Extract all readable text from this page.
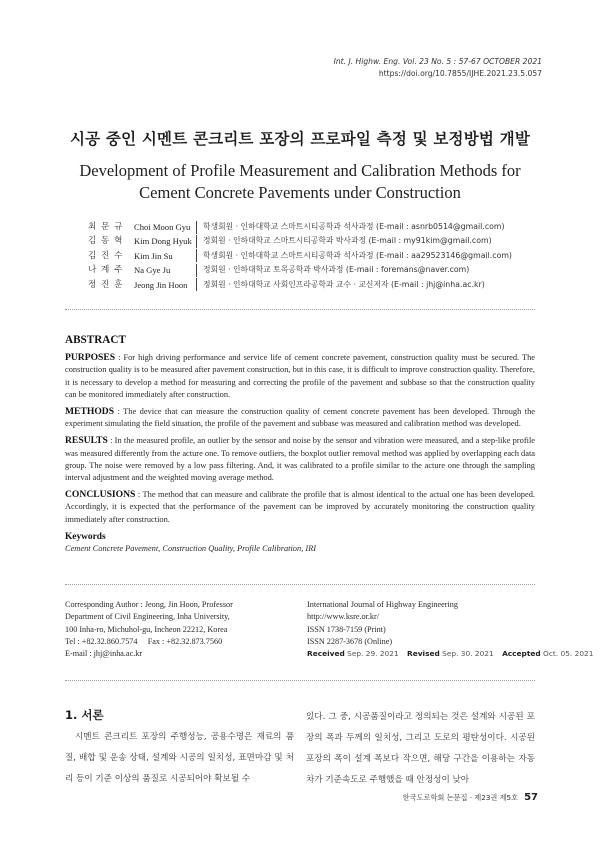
Int. J. Highw. Eng. Vol. 23 No. 5 : 57-67 OCTOBER 2021
https://doi.org/10.7855/IJHE.2021.23.5.057
시공 중인 시멘트 콘크리트 포장의 프로파일 측정 및 보정방법 개발
Development of Profile Measurement and Calibration Methods for
Cement Concrete Pavements under Construction
최 문 규	Choi Moon Gyu	학생회원 · 인하대학교 스마트시티공학과 석사과정 (E-mail : asnrb0514@gmail.com)
김 동 혁	Kim Dong Hyuk	정회원 · 인하대학교 스마트시티공학과 박사과정 (E-mail : my91kim@gmail.com)
김 진 수	Kim Jin Su	학생회원 · 인하대학교 스마트시티공학과 석사과정 (E-mail : aa29523146@gmail.com)
나 계 주	Na Gye Ju	정회원 · 인하대학교 토목공학과 박사과정 (E-mail : foremans@naver.com)
정 진 훈	Jeong Jin Hoon	정회원 · 인하대학교 사회인프라공학과 교수 · 교신저자 (E-mail : jhj@inha.ac.kr)
ABSTRACT

PURPOSES : For high driving performance and service life of cement concrete pavement, construction quality must be secured. The construction quality is to be measured after pavement construction, but in this case, it is difficult to improve construction quality. Therefore, it is necessary to develop a method for measuring and correcting the profile of the pavement and subbase so that the construction quality can be monitored immediately after construction.

METHODS : The device that can measure the construction quality of cement concrete pavement has been developed. Through the experiment simulating the field situation, the profile of the pavement and subbase was measured and calibration method was developed.

RESULTS : In the measured profile, an outlier by the sensor and noise by the sensor and vibration were measured, and a step-like profile was measured differently from the acture one. To remove outliers, the boxplot outlier removal method was applied by overlapping each data group. The noise were removed by a low pass filtering. And, it was calibrated to a profile similar to the acture one through the sampling interval adjustment and the weighted moving average method.

CONCLUSIONS : The method that can measure and calibrate the profile that is almost identical to the actual one has been developed. Accordingly, it is expected that the performance of the pavement can be improved by accurately monitoring the construction quality immediately after construction.

Keywords
Cement Concrete Pavement, Construction Quality, Profile Calibration, IRI
Corresponding Author : Jeong, Jin Hoon, Professor
Department of Civil Engineering, Inha University,
100 Inha-ro, Michuhol-gu, Incheon 22212, Korea
Tel : +82.32.860.7574     Fax : +82.32.873.7560
E-mail : jhj@inha.ac.kr
International Journal of Highway Engineering
http://www.ksre.or.kr/
ISSN 1738-7159 (Print)
ISSN 2287-3678 (Online)
Received Sep. 29. 2021 Revised Sep. 30. 2021 Accepted Oct. 05. 2021
1. 서론
시멘트 콘크리트 포장의 주행성능, 공용수명은 재료의 품질, 배합 및 운송 상태, 설계와 시공의 일치성, 표면마감 및 처리 등이 기준 이상의 품질로 시공되어야 확보될 수
있다. 그 중, 시공품질이라고 정의되는 것은 설계와 시공된 포장의 폭과 두께의 일치성, 그리고 도로의 평탄성이다. 시공된 포장의 폭이 설계 폭보다 작으면, 해당 구간을 이용하는 자동차가 기준속도로 주행했을 때 안정성이 낮아
한국도로학회 논문집 · 제23권 제5호 57
